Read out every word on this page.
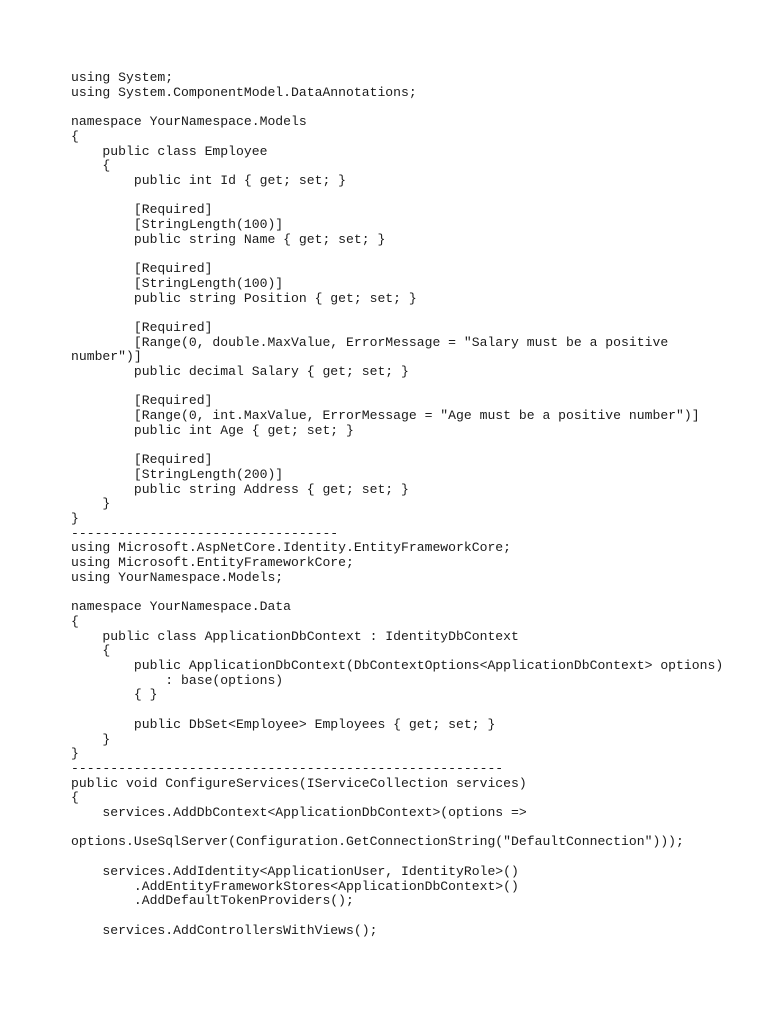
using System;
using System.ComponentModel.DataAnnotations;
namespace YourNamespace.Models
{
public class Employee
{
public int Id { get; set; }
[Required]
[StringLength(100)]
public string Name { get; set; }
[Required]
[StringLength(100)]
public string Position { get; set; }
[Required]
[Range(0, double.MaxValue, ErrorMessage = "Salary must be a positive
number")]
public decimal Salary { get; set; }
[Required]
[Range(0, int.MaxValue, ErrorMessage = "Age must be a positive number")]
public int Age { get; set; }
[Required]
[StringLength(200)]
public string Address { get; set; }
}
}
----------------------------------
using Microsoft.AspNetCore.Identity.EntityFrameworkCore;
using Microsoft.EntityFrameworkCore;
using YourNamespace.Models;
namespace YourNamespace.Data
{
public class ApplicationDbContext : IdentityDbContext
{
public ApplicationDbContext(DbContextOptions<ApplicationDbContext> options)
: base(options)
{ }
public DbSet<Employee> Employees { get; set; }
}
}
-------------------------------------------------------
public void ConfigureServices(IServiceCollection services)
{
services.AddDbContext<ApplicationDbContext>(options =>
options.UseSqlServer(Configuration.GetConnectionString("DefaultConnection")));
services.AddIdentity<ApplicationUser, IdentityRole>()
.AddEntityFrameworkStores<ApplicationDbContext>()
.AddDefaultTokenProviders();
services.AddControllersWithViews();
